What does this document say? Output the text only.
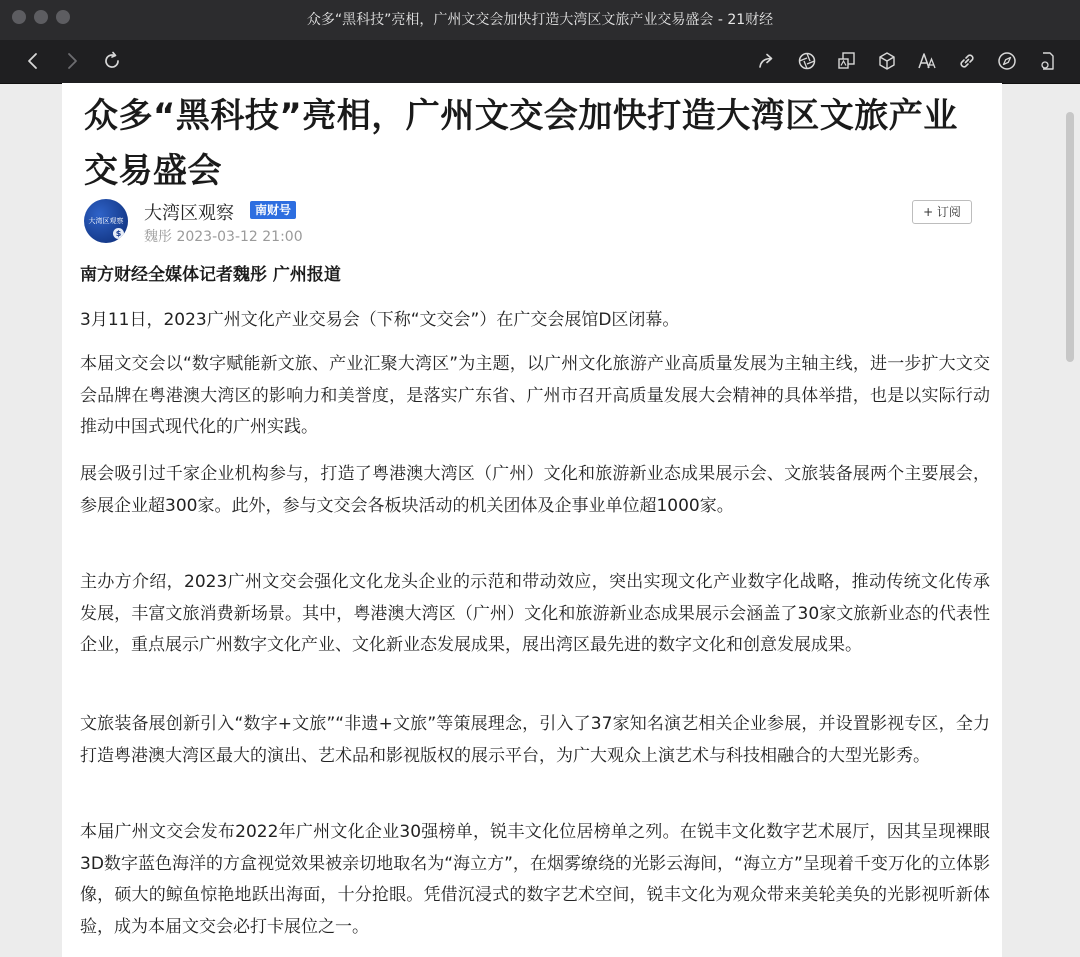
众多“黑科技”亮相，广州文交会加快打造大湾区文旅产业交易盛会 - 21财经
众多“黑科技”亮相，广州文交会加快打造大湾区文旅产业交易盛会
大湾区观察
$
大湾区观察	南财号
魏彤 2023-03-12 21:00
+ 订阅

南方财经全媒体记者魏彤 广州报道

3月11日，2023广州文化产业交易会（下称“文交会”）在广交会展馆D区闭幕。

本届文交会以“数字赋能新文旅、产业汇聚大湾区”为主题，以广州文化旅游产业高质量发展为主轴主线，进一步扩大文交会品牌在粤港澳大湾区的影响力和美誉度，是落实广东省、广州市召开高质量发展大会精神的具体举措，也是以实际行动推动中国式现代化的广州实践。

展会吸引过千家企业机构参与，打造了粤港澳大湾区（广州）文化和旅游新业态成果展示会、文旅装备展两个主要展会，参展企业超300家。此外，参与文交会各板块活动的机关团体及企事业单位超1000家。

主办方介绍，2023广州文交会强化文化龙头企业的示范和带动效应，突出实现文化产业数字化战略，推动传统文化传承发展，丰富文旅消费新场景。其中，粤港澳大湾区（广州）文化和旅游新业态成果展示会涵盖了30家文旅新业态的代表性企业，重点展示广州数字文化产业、文化新业态发展成果，展出湾区最先进的数字文化和创意发展成果。

文旅装备展创新引入“数字+文旅”“非遗+文旅”等策展理念，引入了37家知名演艺相关企业参展，并设置影视专区，全力打造粤港澳大湾区最大的演出、艺术品和影视版权的展示平台，为广大观众上演艺术与科技相融合的大型光影秀。

本届广州文交会发布2022年广州文化企业30强榜单，锐丰文化位居榜单之列。在锐丰文化数字艺术展厅，因其呈现裸眼3D数字蓝色海洋的方盒视觉效果被亲切地取名为“海立方”，在烟雾缭绕的光影云海间，“海立方”呈现着千变万化的立体影像，硕大的鲸鱼惊艳地跃出海面，十分抢眼。凭借沉浸式的数字艺术空间，锐丰文化为观众带来美轮美奂的光影视听新体验，成为本届文交会必打卡展位之一。
